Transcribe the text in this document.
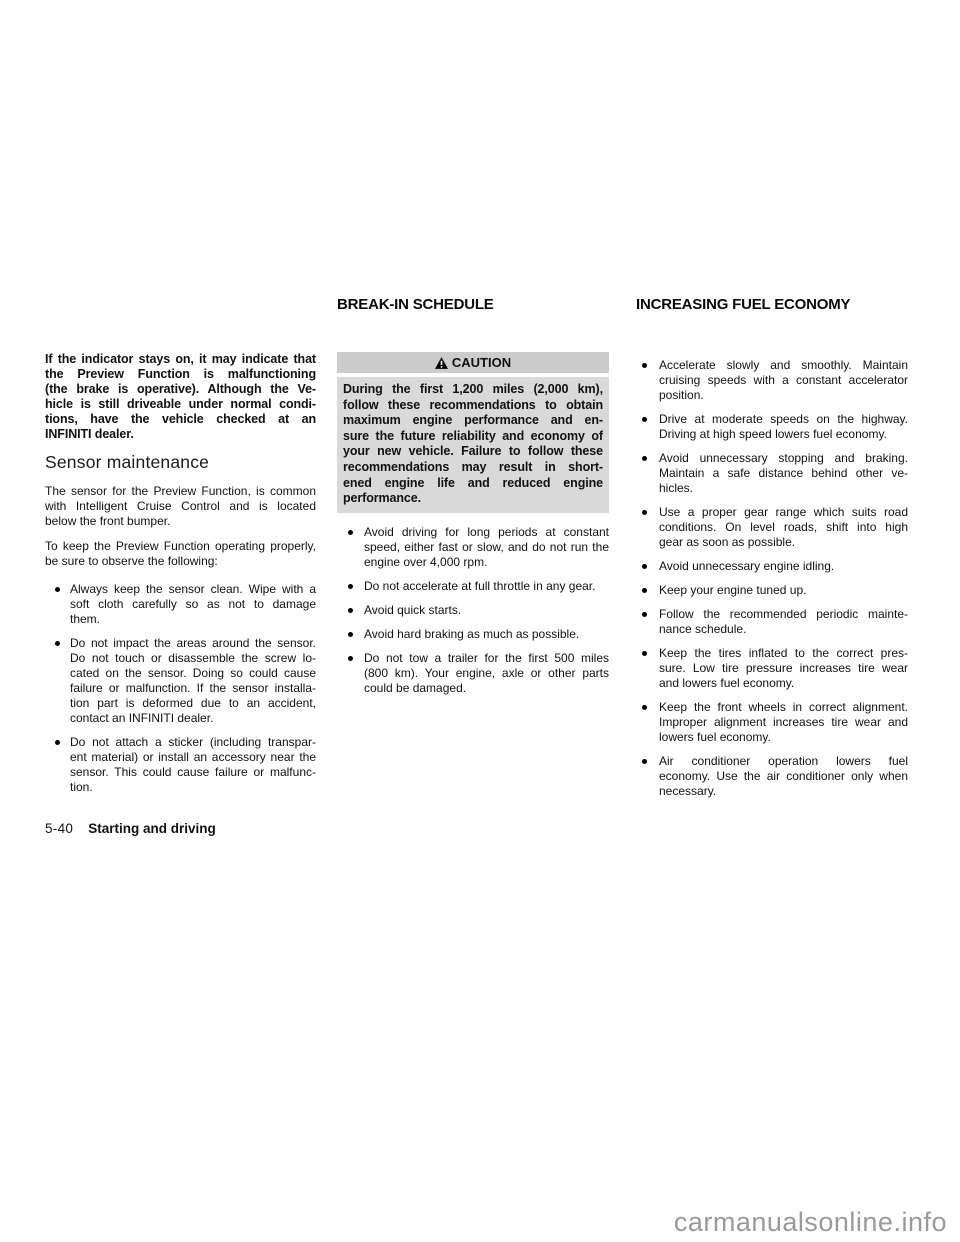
BREAK-IN SCHEDULE	INCREASING FUEL ECONOMY
If the indicator stays on, it may indicate that
the Preview Function is malfunctioning
(the brake is operative). Although the Ve-
hicle is still driveable under normal condi-
tions, have the vehicle checked at an
INFINITI dealer.
Sensor maintenance
The sensor for the Preview Function, is common
with Intelligent Cruise Control and is located
below the front bumper.
To keep the Preview Function operating properly,
be sure to observe the following:
Always keep the sensor clean. Wipe with a
soft cloth carefully so as not to damage
them.
Do not impact the areas around the sensor.
Do not touch or disassemble the screw lo-
cated on the sensor. Doing so could cause
failure or malfunction. If the sensor installa-
tion part is deformed due to an accident,
contact an INFINITI dealer.
Do not attach a sticker (including transpar-
ent material) or install an accessory near the
sensor. This could cause failure or malfunc-
tion.
CAUTION
During the first 1,200 miles (2,000 km),
follow these recommendations to obtain
maximum engine performance and en-
sure the future reliability and economy of
your new vehicle. Failure to follow these
recommendations may result in short-
ened engine life and reduced engine
performance.
Avoid driving for long periods at constant
speed, either fast or slow, and do not run the
engine over 4,000 rpm.
Do not accelerate at full throttle in any gear.
Avoid quick starts.
Avoid hard braking as much as possible.
Do not tow a trailer for the first 500 miles
(800 km). Your engine, axle or other parts
could be damaged.
Accelerate slowly and smoothly. Maintain
cruising speeds with a constant accelerator
position.
Drive at moderate speeds on the highway.
Driving at high speed lowers fuel economy.
Avoid unnecessary stopping and braking.
Maintain a safe distance behind other ve-
hicles.
Use a proper gear range which suits road
conditions. On level roads, shift into high
gear as soon as possible.
Avoid unnecessary engine idling.
Keep your engine tuned up.
Follow the recommended periodic mainte-
nance schedule.
Keep the tires inflated to the correct pres-
sure. Low tire pressure increases tire wear
and lowers fuel economy.
Keep the front wheels in correct alignment.
Improper alignment increases tire wear and
lowers fuel economy.
Air conditioner operation lowers fuel
economy. Use the air conditioner only when
necessary.
5-40 Starting and driving
carmanualsonline.info
